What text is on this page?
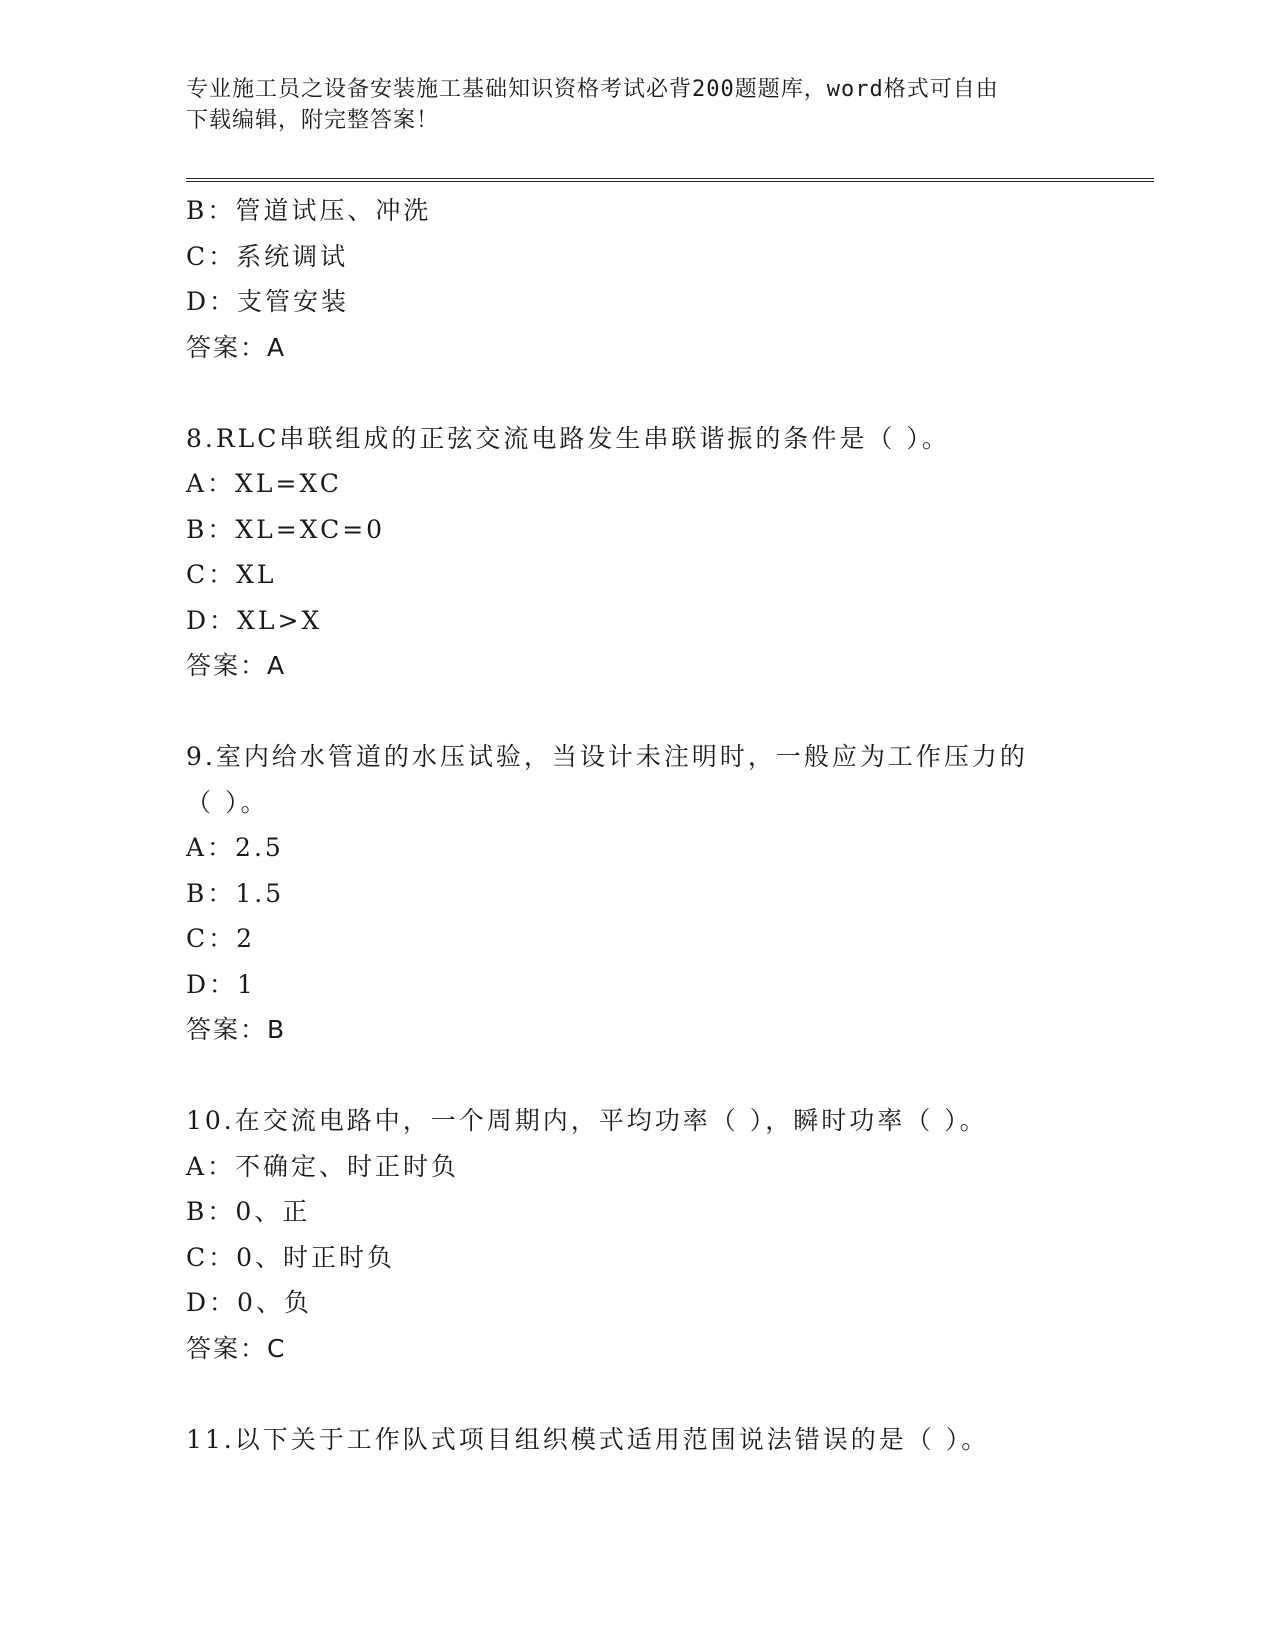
专业施工员之设备安装施工基础知识资格考试必背200题题库，word格式可自由
下载编辑，附完整答案！
B：管道试压、冲洗
C：系统调试
D：支管安装
答案：A
8.RLC串联组成的正弦交流电路发生串联谐振的条件是（ ）。
A：XL=XC
B：XL=XC=0
C：XL
D：XL>X
答案：A
9.室内给水管道的水压试验，当设计未注明时，一般应为工作压力的
（ ）。
A：2.5
B：1.5
C：2
D：1
答案：B
10.在交流电路中，一个周期内，平均功率（ ），瞬时功率（ ）。
A：不确定、时正时负
B：0、正
C：0、时正时负
D：0、负
答案：C
11.以下关于工作队式项目组织模式适用范围说法错误的是（ ）。
